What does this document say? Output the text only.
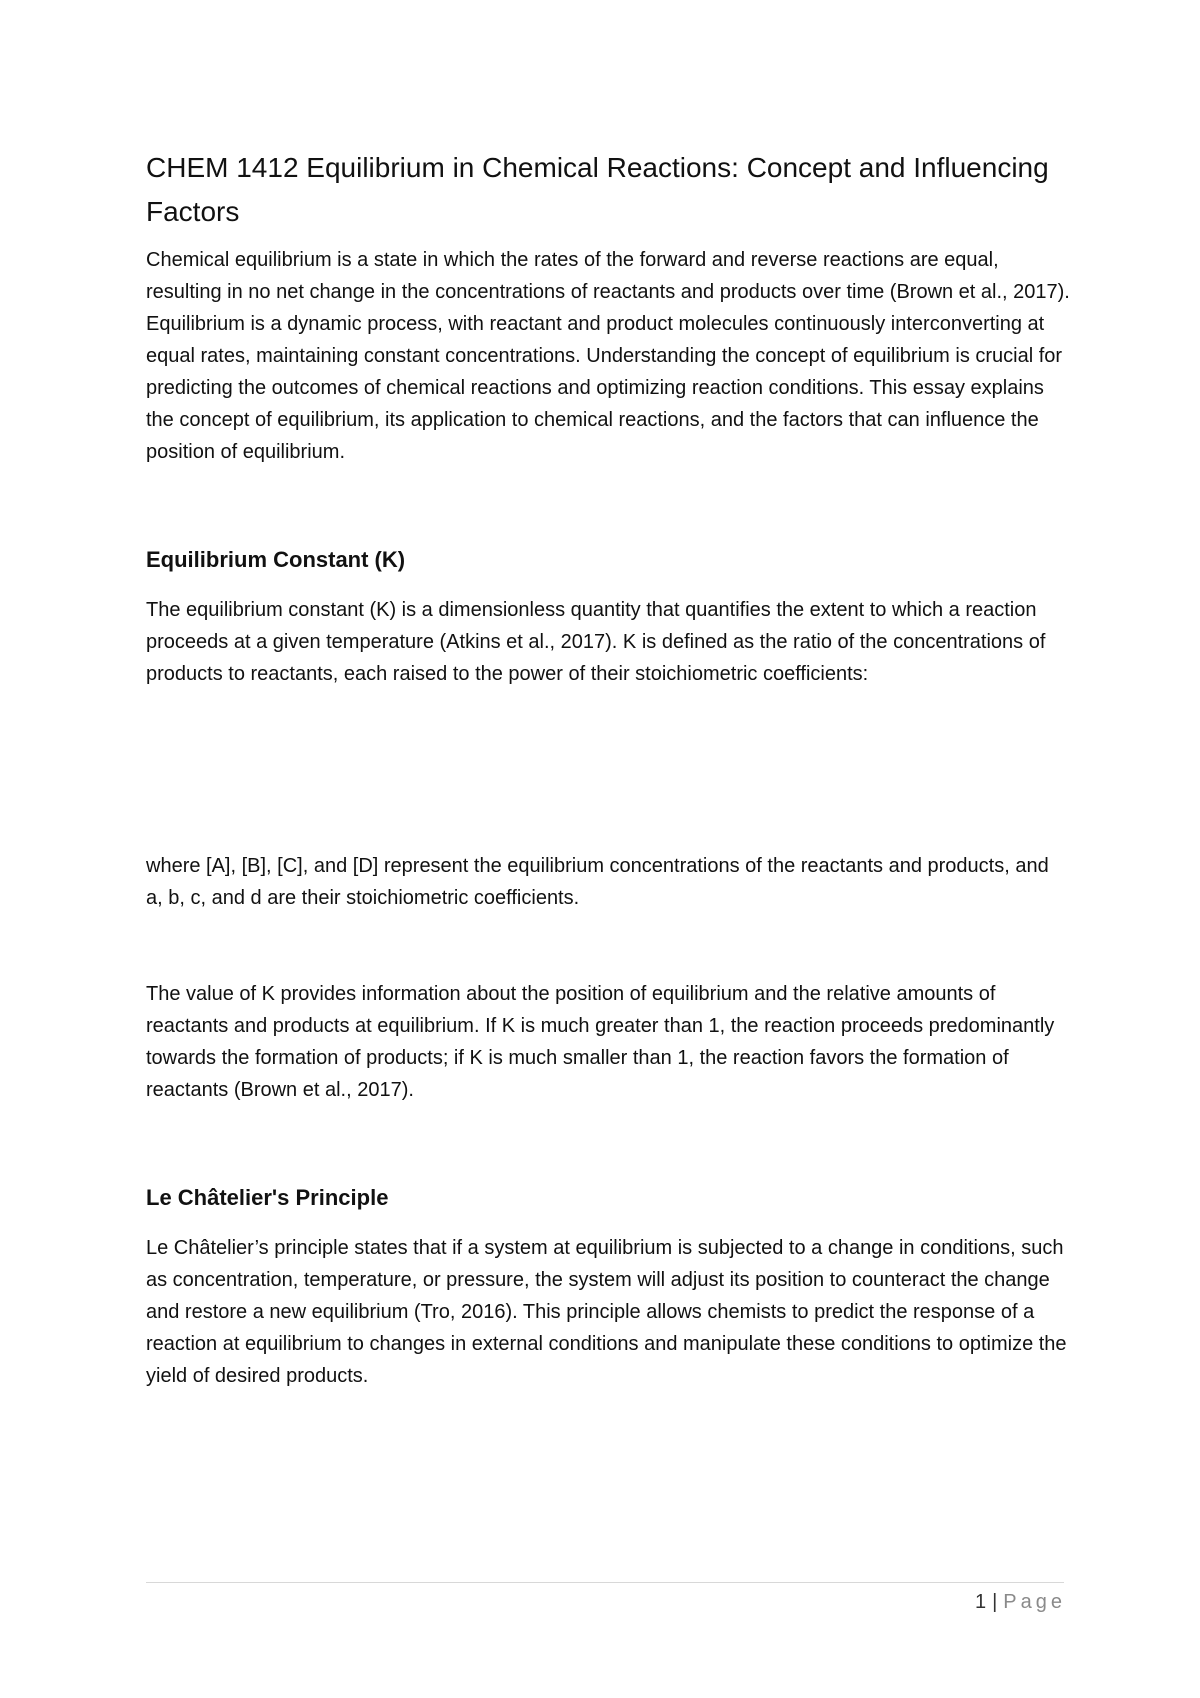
CHEM 1412 Equilibrium in Chemical Reactions: Concept and Influencing Factors

Chemical equilibrium is a state in which the rates of the forward and reverse reactions are equal, resulting in no net change in the concentrations of reactants and products over time (Brown et al., 2017). Equilibrium is a dynamic process, with reactant and product molecules continuously interconverting at equal rates, maintaining constant concentrations. Understanding the concept of equilibrium is crucial for predicting the outcomes of chemical reactions and optimizing reaction conditions. This essay explains the concept of equilibrium, its application to chemical reactions, and the factors that can influence the position of equilibrium.

Equilibrium Constant (K)

The equilibrium constant (K) is a dimensionless quantity that quantifies the extent to which a reaction proceeds at a given temperature (Atkins et al., 2017). K is defined as the ratio of the concentrations of products to reactants, each raised to the power of their stoichiometric coefficients:

where [A], [B], [C], and [D] represent the equilibrium concentrations of the reactants and products, and a, b, c, and d are their stoichiometric coefficients.

The value of K provides information about the position of equilibrium and the relative amounts of reactants and products at equilibrium. If K is much greater than 1, the reaction proceeds predominantly towards the formation of products; if K is much smaller than 1, the reaction favors the formation of reactants (Brown et al., 2017).

Le Châtelier's Principle

Le Châtelier’s principle states that if a system at equilibrium is subjected to a change in conditions, such as concentration, temperature, or pressure, the system will adjust its position to counteract the change and restore a new equilibrium (Tro, 2016). This principle allows chemists to predict the response of a reaction at equilibrium to changes in external conditions and manipulate these conditions to optimize the yield of desired products.

1 | Page
